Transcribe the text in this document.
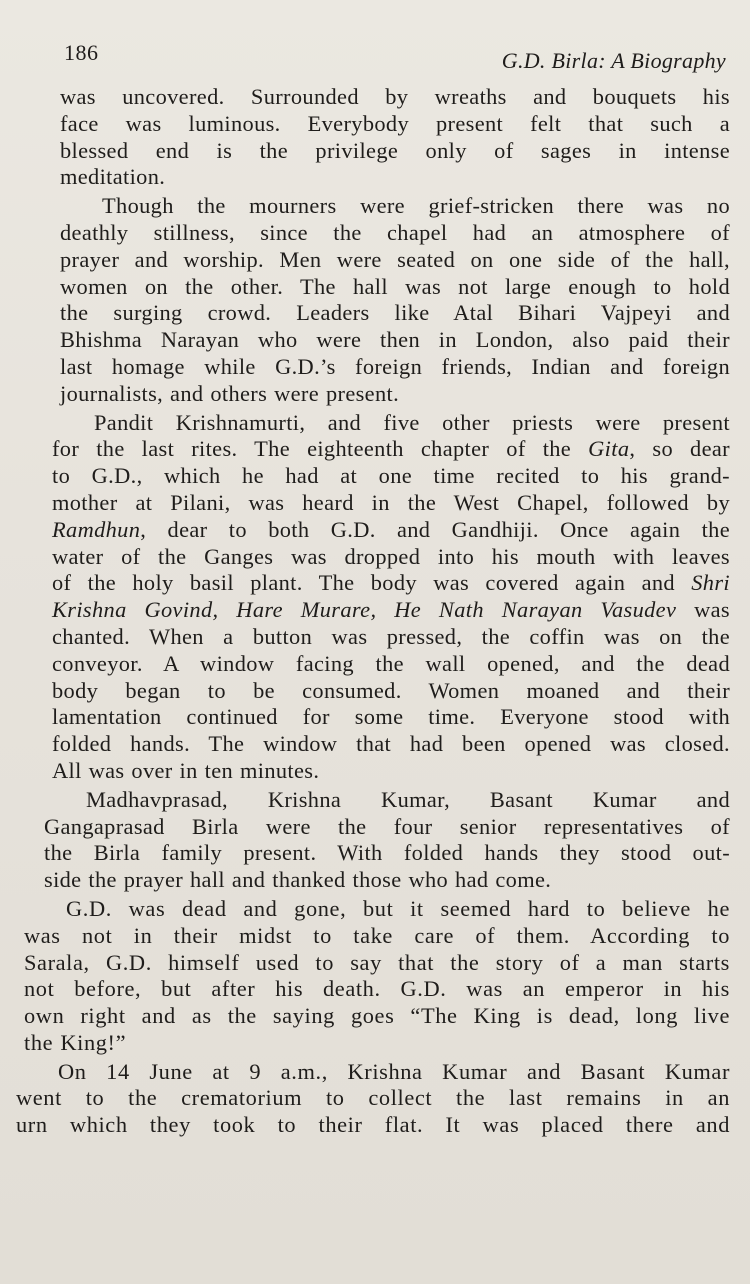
186	G.D. Birla: A Biography

was uncovered. Surrounded by wreaths and bouquets his
face was luminous. Everybody present felt that such a
blessed end is the privilege only of sages in intense
meditation.

Though the mourners were grief-stricken there was no
deathly stillness, since the chapel had an atmosphere of
prayer and worship. Men were seated on one side of the hall,
women on the other. The hall was not large enough to hold
the surging crowd. Leaders like Atal Bihari Vajpeyi and
Bhishma Narayan who were then in London, also paid their
last homage while G.D.’s foreign friends, Indian and foreign
journalists, and others were present.

Pandit Krishnamurti, and five other priests were present
for the last rites. The eighteenth chapter of the Gita, so dear
to G.D., which he had at one time recited to his grand-
mother at Pilani, was heard in the West Chapel, followed by
Ramdhun, dear to both G.D. and Gandhiji. Once again the
water of the Ganges was dropped into his mouth with leaves
of the holy basil plant. The body was covered again and Shri
Krishna Govind, Hare Murare, He Nath Narayan Vasudev was
chanted. When a button was pressed, the coffin was on the
conveyor. A window facing the wall opened, and the dead
body began to be consumed. Women moaned and their
lamentation continued for some time. Everyone stood with
folded hands. The window that had been opened was closed.
All was over in ten minutes.

Madhavprasad, Krishna Kumar, Basant Kumar and
Gangaprasad Birla were the four senior representatives of
the Birla family present. With folded hands they stood out-
side the prayer hall and thanked those who had come.

G.D. was dead and gone, but it seemed hard to believe he
was not in their midst to take care of them. According to
Sarala, G.D. himself used to say that the story of a man starts
not before, but after his death. G.D. was an emperor in his
own right and as the saying goes “The King is dead, long live
the King!”

On 14 June at 9 a.m., Krishna Kumar and Basant Kumar
went to the crematorium to collect the last remains in an
urn which they took to their flat. It was placed there and
